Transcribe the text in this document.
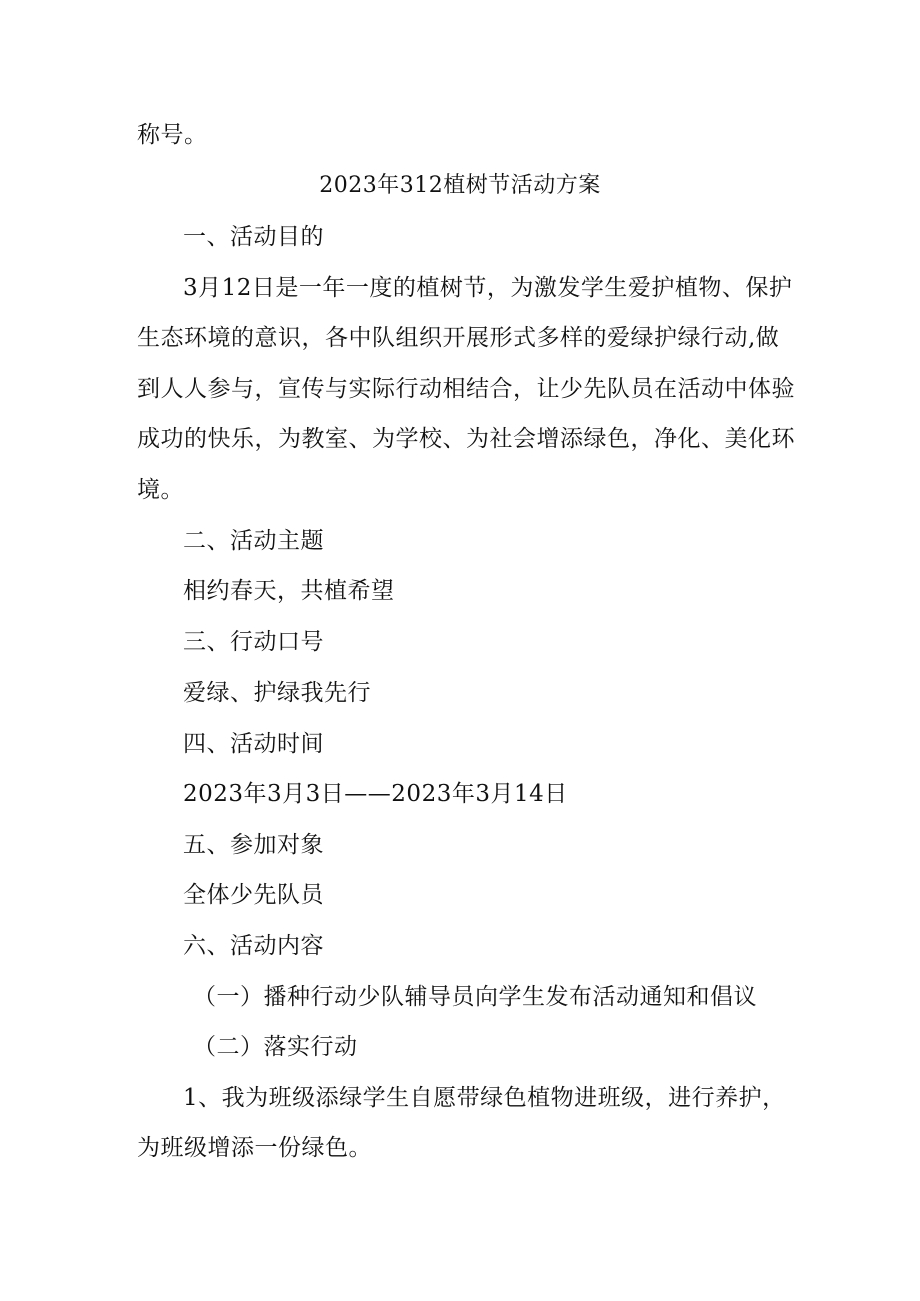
称号。
2023年312植树节活动方案
一、活动目的
3月12日是一年一度的植树节，为激发学生爱护植物、保护
生态环境的意识，各中队组织开展形式多样的爱绿护绿行动,做
到人人参与，宣传与实际行动相结合，让少先队员在活动中体验
成功的快乐，为教室、为学校、为社会增添绿色，净化、美化环
境。
二、活动主题
相约春天，共植希望
三、行动口号
爱绿、护绿我先行
四、活动时间
2023年3月3日——2023年3月14日
五、参加对象
全体少先队员
六、活动内容
（一）播种行动少队辅导员向学生发布活动通知和倡议
（二）落实行动
1、我为班级添绿学生自愿带绿色植物进班级，进行养护，
为班级增添一份绿色。
